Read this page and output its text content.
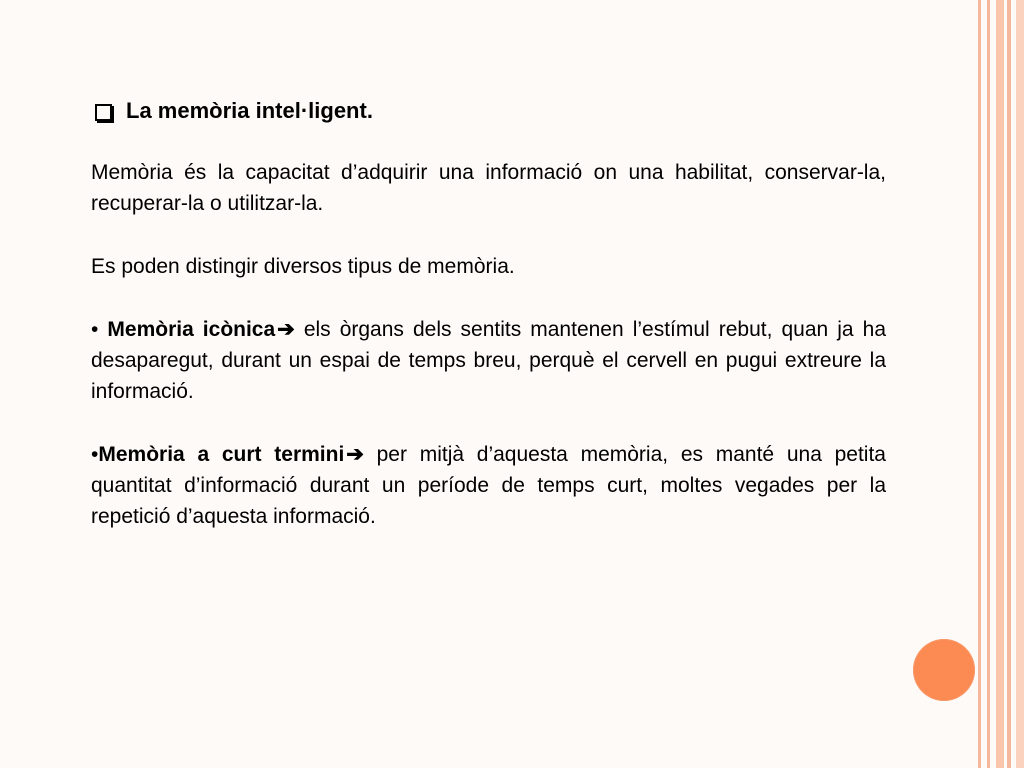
La memòria intel·ligent.

Memòria és la capacitat d’adquirir una informació on una habilitat, conservar-la, recuperar-la o utilitzar-la.

Es poden distingir diversos tipus de memòria.

• Memòria icònica➔ els òrgans dels sentits mantenen l’estímul rebut, quan ja ha desaparegut, durant un espai de temps breu, perquè el cervell en pugui extreure la informació.

•Memòria a curt termini➔ per mitjà d’aquesta memòria, es manté una petita quantitat d’informació durant un període de temps curt, moltes vegades per la repetició d’aquesta informació.
